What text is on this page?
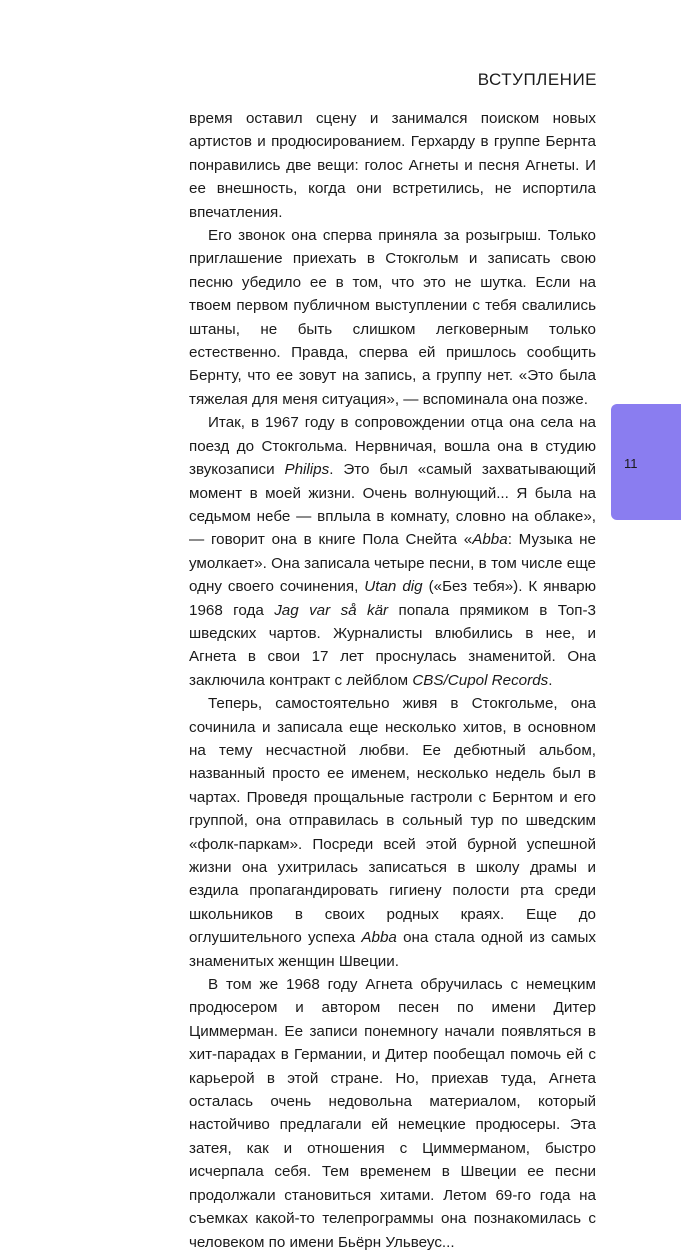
ВСТУПЛЕНИЕ

время оставил сцену и занимался поиском новых артистов и продюсированием. Герхарду в группе Бернта понравились две вещи: голос Агнеты и песня Агнеты. И ее внешность, когда они встретились, не испортила впечатления.

Его звонок она сперва приняла за розыгрыш. Только приглашение приехать в Стокгольм и записать свою песню убедило ее в том, что это не шутка. Если на твоем первом публичном выступлении с тебя свалились штаны, не быть слишком легковерным только естественно. Правда, сперва ей пришлось сообщить Бернту, что ее зовут на запись, а группу нет. «Это была тяжелая для меня ситуация», — вспоминала она позже.

Итак, в 1967 году в сопровождении отца она села на поезд до Стокгольма. Нервничая, вошла она в студию звукозаписи Philips. Это был «самый захватывающий момент в моей жизни. Очень волнующий... Я была на седьмом небе — вплыла в комнату, словно на облаке», — говорит она в книге Пола Снейта «Abba: Музыка не умолкает». Она записала четыре песни, в том числе еще одну своего сочинения, Utan dig («Без тебя»). К январю 1968 года Jag var så kär попала прямиком в Топ-3 шведских чартов. Журналисты влюбились в нее, и Агнета в свои 17 лет проснулась знаменитой. Она заключила контракт с лейблом CBS/Cupol Records.

Теперь, самостоятельно живя в Стокгольме, она сочинила и записала еще несколько хитов, в основном на тему несчастной любви. Ее дебютный альбом, названный просто ее именем, несколько недель был в чартах. Проведя прощальные гастроли с Бернтом и его группой, она отправилась в сольный тур по шведским «фолк-паркам». Посреди всей этой бурной успешной жизни она ухитрилась записаться в школу драмы и ездила пропагандировать гигиену полости рта среди школьников в своих родных краях. Еще до оглушительного успеха Abba она стала одной из самых знаменитых женщин Швеции.

В том же 1968 году Агнета обручилась с немецким продюсером и автором песен по имени Дитер Циммерман. Ее записи понемногу начали появляться в хит-парадах в Германии, и Дитер пообещал помочь ей с карьерой в этой стране. Но, приехав туда, Агнета осталась очень недовольна материалом, который настойчиво предлагали ей немецкие продюсеры. Эта затея, как и отношения с Циммерманом, быстро исчерпала себя. Тем временем в Швеции ее песни продолжали становиться хитами. Летом 69-го года на съемках какой-то телепрограммы она познакомилась с человеком по имени Бьёрн Ульвеус...

11
